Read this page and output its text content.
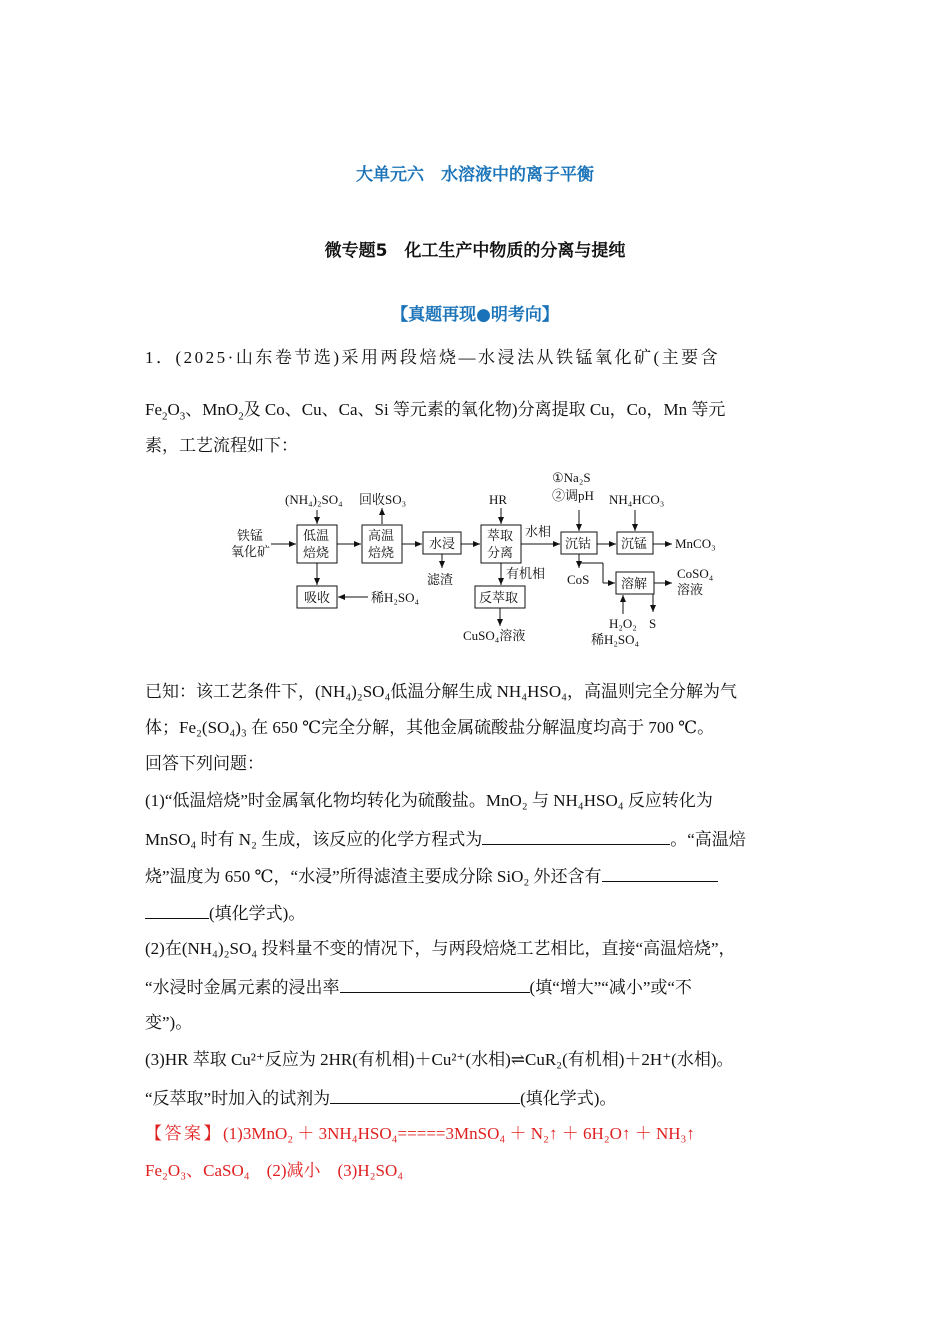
大单元六　水溶液中的离子平衡
微专题5　化工生产中物质的分离与提纯
【真题再现●明考向】
1．(2025·山东卷节选)采用两段焙烧—水浸法从铁锰氧化矿(主要含
$Fe_2O_3$、MnO$_2$及 Co、Cu、Ca、Si 等元素的氧化物)分离提取 Cu，Co，Mn 等元
素，工艺流程如下：
铁锰
氧化矿
(NH₄)₂SO₄ 回收SO₃
低温
焙烧
高温
焙烧
水浸
滤渣
HR
萃取
分离
水相
有机相
反萃取
CuSO₄溶液
吸收	稀H₂SO₄
①Na₂S
②调pH
沉钴
CoS
NH₄HCO₃
沉锰 MnCO₃
溶解
CoSO₄
溶液
H₂O₂ S
稀H₂SO₄
已知：该工艺条件下，(NH₄)₂SO₄低温分解生成 NH₄HSO₄，高温则完全分解为气
体；Fe₂(SO₄)₃ 在 650 ℃完全分解，其他金属硫酸盐分解温度均高于 700 ℃。
回答下列问题：
(1)“低温焙烧”时金属氧化物均转化为硫酸盐。MnO₂ 与 NH₄HSO₄ 反应转化为
MnSO₄ 时有 N₂ 生成，该反应的化学方程式为	。“高温焙
烧”温度为 650 ℃，“水浸”所得滤渣主要成分除 SiO₂ 外还含有
(填化学式)。
(2)在(NH₄)₂SO₄ 投料量不变的情况下，与两段焙烧工艺相比，直接“高温焙烧”，
“水浸时金属元素的浸出率	(填“增大”“减小”或“不
变”)。
(3)HR 萃取 Cu²⁺反应为 2HR(有机相)＋Cu²⁺(水相)⇌CuR₂(有机相)＋2H⁺(水相)。
“反萃取”时加入的试剂为	(填化学式)。
【答案】(1)3MnO₂ ＋ 3NH₄HSO₄=====3MnSO₄ ＋ N₂↑ ＋ 6H₂O↑ ＋ NH₃↑
Fe₂O₃、CaSO₄　(2)减小　(3)H₂SO₄
